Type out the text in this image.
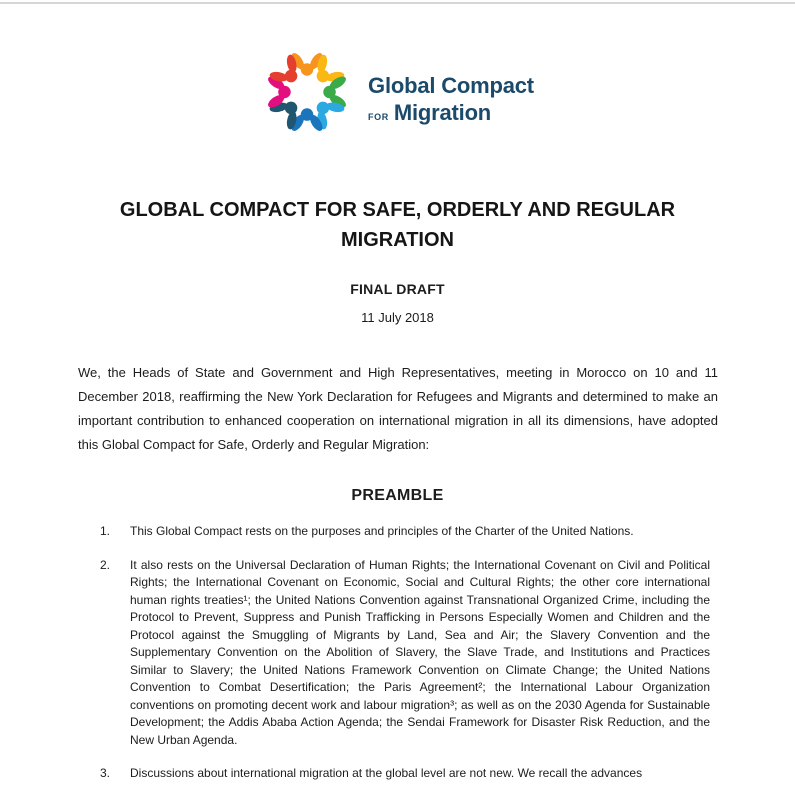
Global Compact
FOR Migration
GLOBAL COMPACT FOR SAFE, ORDERLY AND REGULAR MIGRATION
FINAL DRAFT
11 July 2018

We, the Heads of State and Government and High Representatives, meeting in Morocco on 10 and 11 December 2018, reaffirming the New York Declaration for Refugees and Migrants and determined to make an important contribution to enhanced cooperation on international migration in all its dimensions, have adopted this Global Compact for Safe, Orderly and Regular Migration:

PREAMBLE
1.	This Global Compact rests on the purposes and principles of the Charter of the United Nations.
2.	It also rests on the Universal Declaration of Human Rights; the International Covenant on Civil and Political Rights; the International Covenant on Economic, Social and Cultural Rights; the other core international human rights treaties¹; the United Nations Convention against Transnational Organized Crime, including the Protocol to Prevent, Suppress and Punish Trafficking in Persons Especially Women and Children and the Protocol against the Smuggling of Migrants by Land, Sea and Air; the Slavery Convention and the Supplementary Convention on the Abolition of Slavery, the Slave Trade, and Institutions and Practices Similar to Slavery; the United Nations Framework Convention on Climate Change; the United Nations Convention to Combat Desertification; the Paris Agreement²; the International Labour Organization conventions on promoting decent work and labour migration³; as well as on the 2030 Agenda for Sustainable Development; the Addis Ababa Action Agenda; the Sendai Framework for Disaster Risk Reduction, and the New Urban Agenda.
3.	Discussions about international migration at the global level are not new. We recall the advances
